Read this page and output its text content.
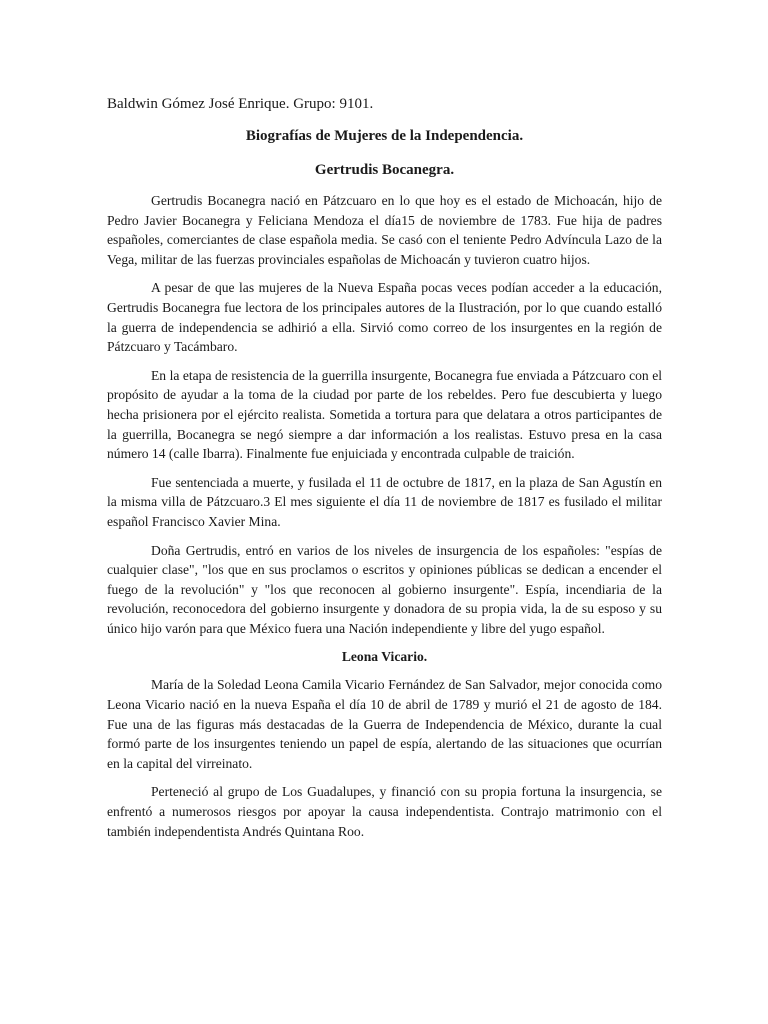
Baldwin Gómez José Enrique. Grupo: 9101.
Biografías de Mujeres de la Independencia.
Gertrudis Bocanegra.

Gertrudis Bocanegra nació en Pátzcuaro en lo que hoy es el estado de Michoacán, hijo de Pedro Javier Bocanegra y Feliciana Mendoza el día15 de noviembre de 1783. Fue hija de padres españoles, comerciantes de clase española media. Se casó con el teniente Pedro Advíncula Lazo de la Vega, militar de las fuerzas provinciales españolas de Michoacán y tuvieron cuatro hijos.

A pesar de que las mujeres de la Nueva España pocas veces podían acceder a la educación, Gertrudis Bocanegra fue lectora de los principales autores de la Ilustración, por lo que cuando estalló la guerra de independencia se adhirió a ella. Sirvió como correo de los insurgentes en la región de Pátzcuaro y Tacámbaro.

En la etapa de resistencia de la guerrilla insurgente, Bocanegra fue enviada a Pátzcuaro con el propósito de ayudar a la toma de la ciudad por parte de los rebeldes. Pero fue descubierta y luego hecha prisionera por el ejército realista. Sometida a tortura para que delatara a otros participantes de la guerrilla, Bocanegra se negó siempre a dar información a los realistas. Estuvo presa en la casa número 14 (calle Ibarra). Finalmente fue enjuiciada y encontrada culpable de traición.

Fue sentenciada a muerte, y fusilada el 11 de octubre de 1817, en la plaza de San Agustín en la misma villa de Pátzcuaro.3 El mes siguiente el día 11 de noviembre de 1817 es fusilado el militar español Francisco Xavier Mina.

Doña Gertrudis, entró en varios de los niveles de insurgencia de los españoles: "espías de cualquier clase", "los que en sus proclamos o escritos y opiniones públicas se dedican a encender el fuego de la revolución" y "los que reconocen al gobierno insurgente". Espía, incendiaria de la revolución, reconocedora del gobierno insurgente y donadora de su propia vida, la de su esposo y su único hijo varón para que México fuera una Nación independiente y libre del yugo español.

Leona Vicario.

María de la Soledad Leona Camila Vicario Fernández de San Salvador, mejor conocida como Leona Vicario nació en la nueva España el día 10 de abril de 1789 y murió el 21 de agosto de 184. Fue una de las figuras más destacadas de la Guerra de Independencia de México, durante la cual formó parte de los insurgentes teniendo un papel de espía, alertando de las situaciones que ocurrían en la capital del virreinato.

Perteneció al grupo de Los Guadalupes, y financió con su propia fortuna la insurgencia, se enfrentó a numerosos riesgos por apoyar la causa independentista. Contrajo matrimonio con el también independentista Andrés Quintana Roo.
